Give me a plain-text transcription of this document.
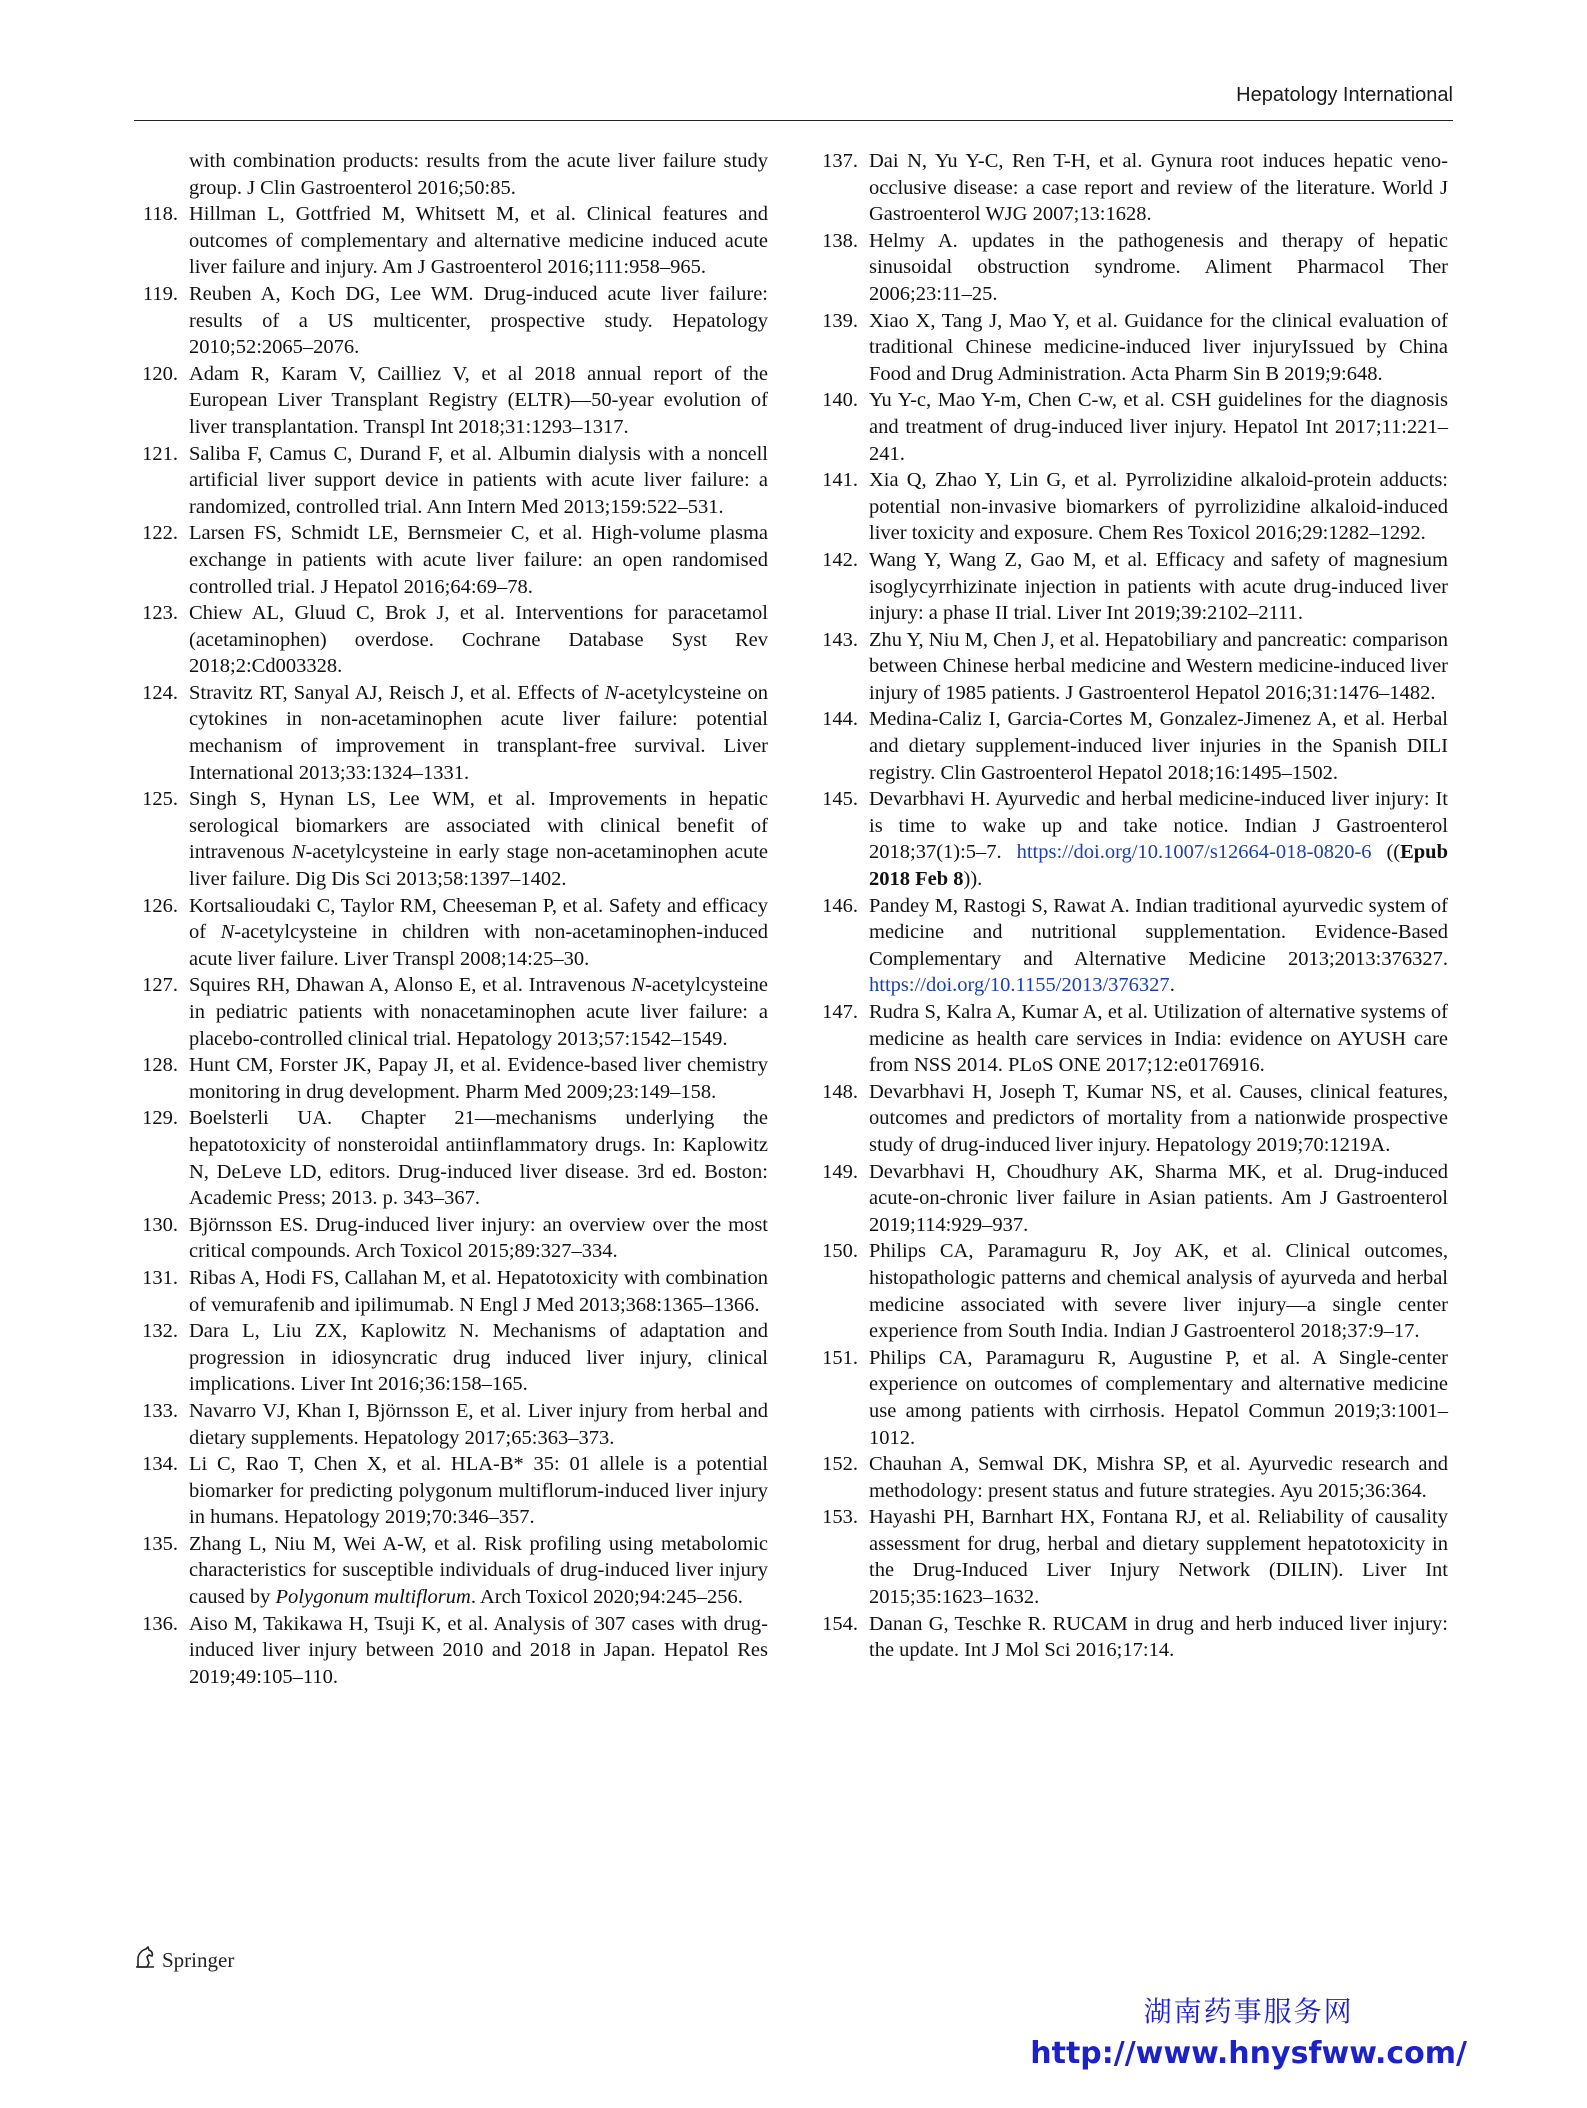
Hepatology International
with combination products: results from the acute liver failure study group. J Clin Gastroenterol 2016;50:85.
118. Hillman L, Gottfried M, Whitsett M, et al. Clinical features and outcomes of complementary and alternative medicine induced acute liver failure and injury. Am J Gastroenterol 2016;111:958–965.
119. Reuben A, Koch DG, Lee WM. Drug-induced acute liver failure: results of a US multicenter, prospective study. Hepatology 2010;52:2065–2076.
120. Adam R, Karam V, Cailliez V, et al 2018 annual report of the European Liver Transplant Registry (ELTR)—50-year evolution of liver transplantation. Transpl Int 2018;31:1293–1317.
121. Saliba F, Camus C, Durand F, et al. Albumin dialysis with a noncell artificial liver support device in patients with acute liver failure: a randomized, controlled trial. Ann Intern Med 2013;159:522–531.
122. Larsen FS, Schmidt LE, Bernsmeier C, et al. High-volume plasma exchange in patients with acute liver failure: an open randomised controlled trial. J Hepatol 2016;64:69–78.
123. Chiew AL, Gluud C, Brok J, et al. Interventions for paracetamol (acetaminophen) overdose. Cochrane Database Syst Rev 2018;2:Cd003328.
124. Stravitz RT, Sanyal AJ, Reisch J, et al. Effects of N-acetylcysteine on cytokines in non-acetaminophen acute liver failure: potential mechanism of improvement in transplant-free survival. Liver International 2013;33:1324–1331.
125. Singh S, Hynan LS, Lee WM, et al. Improvements in hepatic serological biomarkers are associated with clinical benefit of intravenous N-acetylcysteine in early stage non-acetaminophen acute liver failure. Dig Dis Sci 2013;58:1397–1402.
126. Kortsalioudaki C, Taylor RM, Cheeseman P, et al. Safety and efficacy of N-acetylcysteine in children with non-acetaminophen-induced acute liver failure. Liver Transpl 2008;14:25–30.
127. Squires RH, Dhawan A, Alonso E, et al. Intravenous N-acetylcysteine in pediatric patients with nonacetaminophen acute liver failure: a placebo-controlled clinical trial. Hepatology 2013;57:1542–1549.
128. Hunt CM, Forster JK, Papay JI, et al. Evidence-based liver chemistry monitoring in drug development. Pharm Med 2009;23:149–158.
129. Boelsterli UA. Chapter 21—mechanisms underlying the hepatotoxicity of nonsteroidal antiinflammatory drugs. In: Kaplowitz N, DeLeve LD, editors. Drug-induced liver disease. 3rd ed. Boston: Academic Press; 2013. p. 343–367.
130. Björnsson ES. Drug-induced liver injury: an overview over the most critical compounds. Arch Toxicol 2015;89:327–334.
131. Ribas A, Hodi FS, Callahan M, et al. Hepatotoxicity with combination of vemurafenib and ipilimumab. N Engl J Med 2013;368:1365–1366.
132. Dara L, Liu ZX, Kaplowitz N. Mechanisms of adaptation and progression in idiosyncratic drug induced liver injury, clinical implications. Liver Int 2016;36:158–165.
133. Navarro VJ, Khan I, Björnsson E, et al. Liver injury from herbal and dietary supplements. Hepatology 2017;65:363–373.
134. Li C, Rao T, Chen X, et al. HLA-B* 35: 01 allele is a potential biomarker for predicting polygonum multiflorum-induced liver injury in humans. Hepatology 2019;70:346–357.
135. Zhang L, Niu M, Wei A-W, et al. Risk profiling using metabolomic characteristics for susceptible individuals of drug-induced liver injury caused by Polygonum multiflorum. Arch Toxicol 2020;94:245–256.
136. Aiso M, Takikawa H, Tsuji K, et al. Analysis of 307 cases with drug-induced liver injury between 2010 and 2018 in Japan. Hepatol Res 2019;49:105–110.
137. Dai N, Yu Y-C, Ren T-H, et al. Gynura root induces hepatic veno-occlusive disease: a case report and review of the literature. World J Gastroenterol WJG 2007;13:1628.
138. Helmy A. updates in the pathogenesis and therapy of hepatic sinusoidal obstruction syndrome. Aliment Pharmacol Ther 2006;23:11–25.
139. Xiao X, Tang J, Mao Y, et al. Guidance for the clinical evaluation of traditional Chinese medicine-induced liver injuryIssued by China Food and Drug Administration. Acta Pharm Sin B 2019;9:648.
140. Yu Y-c, Mao Y-m, Chen C-w, et al. CSH guidelines for the diagnosis and treatment of drug-induced liver injury. Hepatol Int 2017;11:221–241.
141. Xia Q, Zhao Y, Lin G, et al. Pyrrolizidine alkaloid-protein adducts: potential non-invasive biomarkers of pyrrolizidine alkaloid-induced liver toxicity and exposure. Chem Res Toxicol 2016;29:1282–1292.
142. Wang Y, Wang Z, Gao M, et al. Efficacy and safety of magnesium isoglycyrrhizinate injection in patients with acute drug-induced liver injury: a phase II trial. Liver Int 2019;39:2102–2111.
143. Zhu Y, Niu M, Chen J, et al. Hepatobiliary and pancreatic: comparison between Chinese herbal medicine and Western medicine-induced liver injury of 1985 patients. J Gastroenterol Hepatol 2016;31:1476–1482.
144. Medina-Caliz I, Garcia-Cortes M, Gonzalez-Jimenez A, et al. Herbal and dietary supplement-induced liver injuries in the Spanish DILI registry. Clin Gastroenterol Hepatol 2018;16:1495–1502.
145. Devarbhavi H. Ayurvedic and herbal medicine-induced liver injury: It is time to wake up and take notice. Indian J Gastroenterol 2018;37(1):5–7. https://doi.org/10.1007/s12664-018-0820-6 ((Epub 2018 Feb 8)).
146. Pandey M, Rastogi S, Rawat A. Indian traditional ayurvedic system of medicine and nutritional supplementation. Evidence-Based Complementary and Alternative Medicine 2013;2013:376327. https://doi.org/10.1155/2013/376327.
147. Rudra S, Kalra A, Kumar A, et al. Utilization of alternative systems of medicine as health care services in India: evidence on AYUSH care from NSS 2014. PLoS ONE 2017;12:e0176916.
148. Devarbhavi H, Joseph T, Kumar NS, et al. Causes, clinical features, outcomes and predictors of mortality from a nationwide prospective study of drug-induced liver injury. Hepatology 2019;70:1219A.
149. Devarbhavi H, Choudhury AK, Sharma MK, et al. Drug-induced acute-on-chronic liver failure in Asian patients. Am J Gastroenterol 2019;114:929–937.
150. Philips CA, Paramaguru R, Joy AK, et al. Clinical outcomes, histopathologic patterns and chemical analysis of ayurveda and herbal medicine associated with severe liver injury—a single center experience from South India. Indian J Gastroenterol 2018;37:9–17.
151. Philips CA, Paramaguru R, Augustine P, et al. A Single-center experience on outcomes of complementary and alternative medicine use among patients with cirrhosis. Hepatol Commun 2019;3:1001–1012.
152. Chauhan A, Semwal DK, Mishra SP, et al. Ayurvedic research and methodology: present status and future strategies. Ayu 2015;36:364.
153. Hayashi PH, Barnhart HX, Fontana RJ, et al. Reliability of causality assessment for drug, herbal and dietary supplement hepatotoxicity in the Drug-Induced Liver Injury Network (DILIN). Liver Int 2015;35:1623–1632.
154. Danan G, Teschke R. RUCAM in drug and herb induced liver injury: the update. Int J Mol Sci 2016;17:14.
Springer
湖南药事服务网
http://www.hnysfww.com/
